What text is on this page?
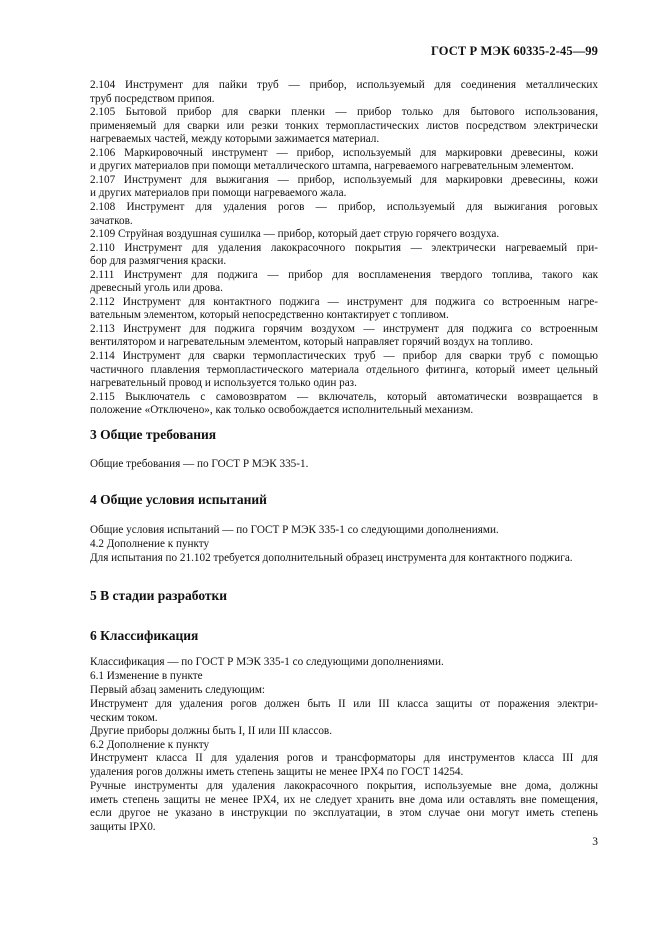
ГОСТ Р МЭК 60335-2-45—99
2.104 Инструмент для пайки труб — прибор, используемый для соединения металлических
труб посредством припоя.
2.105 Бытовой прибор для сварки пленки — прибор только для бытового использования,
применяемый для сварки или резки тонких термопластических листов посредством электрически
нагреваемых частей, между которыми зажимается материал.
2.106 Маркировочный инструмент — прибор, используемый для маркировки древесины, кожи
и других материалов при помощи металлического штампа, нагреваемого нагревательным элементом.
2.107 Инструмент для выжигания — прибор, используемый для маркировки древесины, кожи
и других материалов при помощи нагреваемого жала.
2.108 Инструмент для удаления рогов — прибор, используемый для выжигания роговых
зачатков.
2.109 Струйная воздушная сушилка — прибор, который дает струю горячего воздуха.
2.110 Инструмент для удаления лакокрасочного покрытия — электрически нагреваемый при-
бор для размягчения краски.
2.111 Инструмент для поджига — прибор для воспламенения твердого топлива, такого как
древесный уголь или дрова.
2.112 Инструмент для контактного поджига — инструмент для поджига со встроенным нагре-
вательным элементом, который непосредственно контактирует с топливом.
2.113 Инструмент для поджига горячим воздухом — инструмент для поджига со встроенным
вентилятором и нагревательным элементом, который направляет горячий воздух на топливо.
2.114 Инструмент для сварки термопластических труб — прибор для сварки труб с помощью
частичного плавления термопластического материала отдельного фитинга, который имеет цельный
нагревательный провод и используется только один раз.
2.115 Выключатель с самовозвратом — включатель, который автоматически возвращается в
положение «Отключено», как только освобождается исполнительный механизм.
3 Общие требования
Общие требования — по ГОСТ Р МЭК 335-1.
4 Общие условия испытаний
Общие условия испытаний — по ГОСТ Р МЭК 335-1 со следующими дополнениями.
4.2 Дополнение к пункту
Для испытания по 21.102 требуется дополнительный образец инструмента для контактного поджига.
5 В стадии разработки
6 Классификация
Классификация — по ГОСТ Р МЭК 335-1 со следующими дополнениями.
6.1 Изменение в пункте
Первый абзац заменить следующим:
Инструмент для удаления рогов должен быть II или III класса защиты от поражения электри-
ческим током.
Другие приборы должны быть I, II или III классов.
6.2 Дополнение к пункту
Инструмент класса II для удаления рогов и трансформаторы для инструментов класса III для
удаления рогов должны иметь степень защиты не менее IPX4 по ГОСТ 14254.
Ручные инструменты для удаления лакокрасочного покрытия, используемые вне дома, должны
иметь степень защиты не менее IPX4, их не следует хранить вне дома или оставлять вне помещения,
если другое не указано в инструкции по эксплуатации, в этом случае они могут иметь степень
защиты IPX0.
3
